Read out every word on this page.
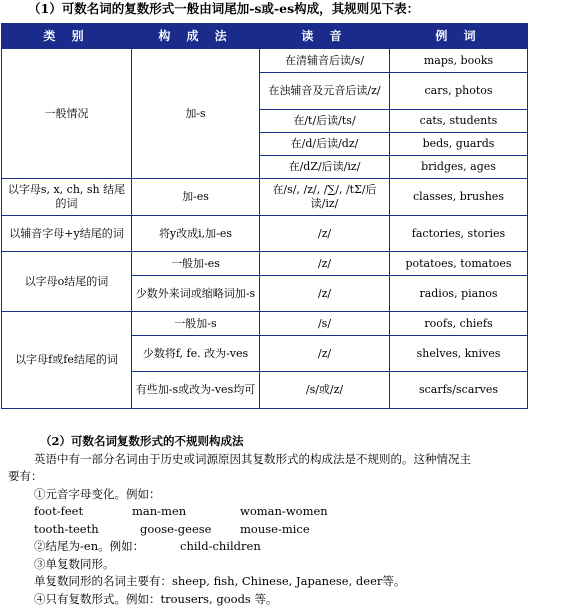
（1）可数名词的复数形式一般由词尾加-s或-es构成，其规则见下表：
类 别	构 成 法	读 音	例 词
一般情况	加-s	在清辅音后读/s/	maps, books
		在浊辅音及元音后读/z/	cars, photos
		在/t/后读/ts/	cats, students
		在/d/后读/dz/	beds, guards
		在/dZ/后读/iz/	bridges, ages
以字母s, x, ch, sh 结尾的词	加-es	在/s/, /z/, /∑/, /tΣ/后读/iz/	classes, brushes
以辅音字母+y结尾的词	将y改成i,加-es	/z/	factories, stories
以字母o结尾的词	一般加-es	/z/	potatoes, tomatoes
	少数外来词或缩略词加-s	/z/	radios, pianos
以字母f或fe结尾的词	一般加-s	/s/	roofs, chiefs
	少数将f, fe. 改为-ves	/z/	shelves, knives
	有些加-s或改为-ves均可	/s/或/z/	scarfs/scarves
（2）可数名词复数形式的不规则构成法
英语中有一部分名词由于历史或词源原因其复数形式的构成法是不规则的。这种情况主
要有：
①元音字母变化。例如：
foot-feet	man-men	woman-women
tooth-teeth	goose-geese mouse-mice
②结尾为-en。例如：	child-children
③单复数同形。
单复数同形的名词主要有：sheep, fish, Chinese, Japanese, deer等。
④只有复数形式。例如：trousers, goods 等。
